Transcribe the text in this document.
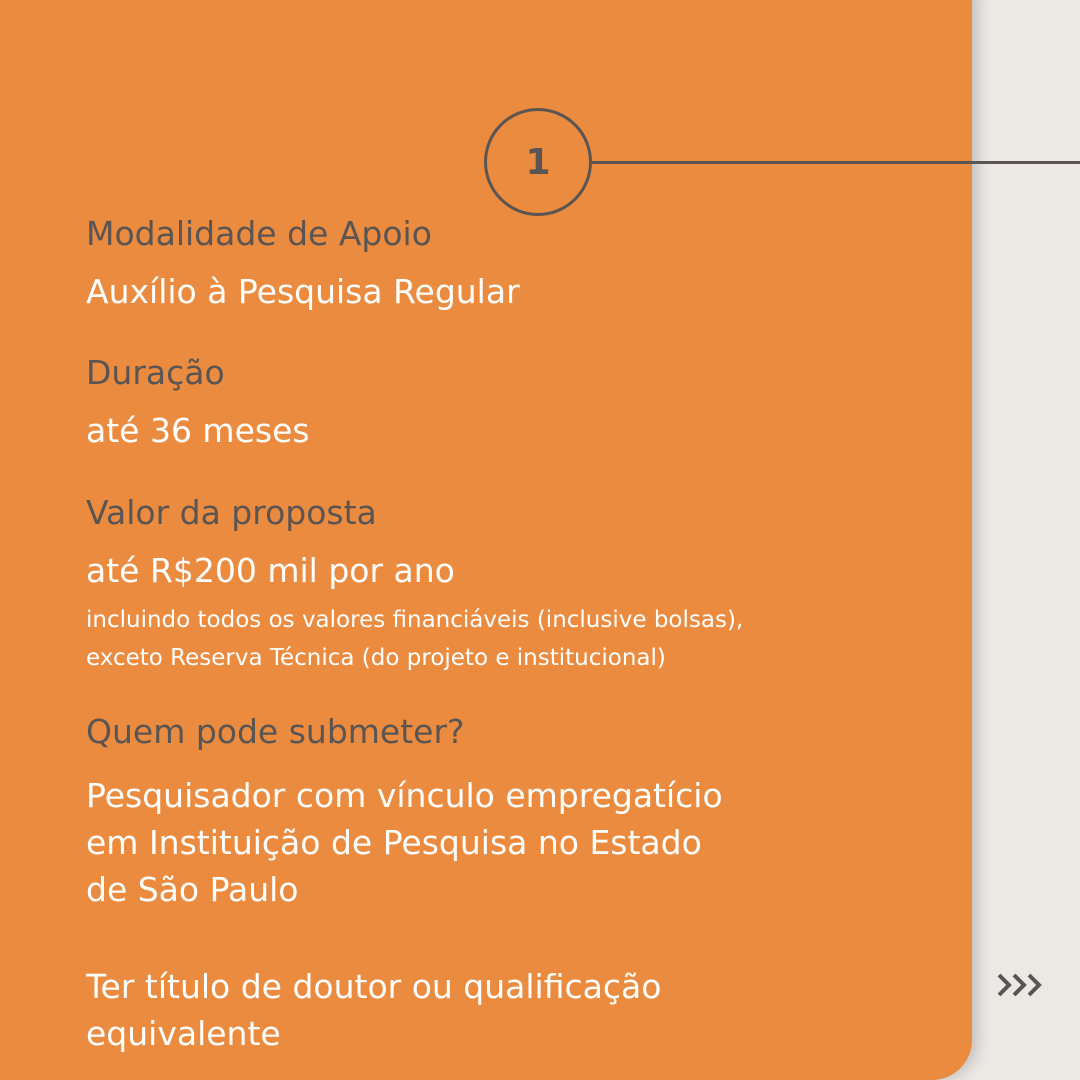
1
Modalidade de Apoio
Auxílio à Pesquisa Regular
Duração
até 36 meses
Valor da proposta
até R$200 mil por ano
incluindo todos os valores financiáveis (inclusive bolsas),
exceto Reserva Técnica (do projeto e institucional)
Quem pode submeter?
Pesquisador com vínculo empregatício
em Instituição de Pesquisa no Estado
de São Paulo
Ter título de doutor ou qualificação
equivalente
